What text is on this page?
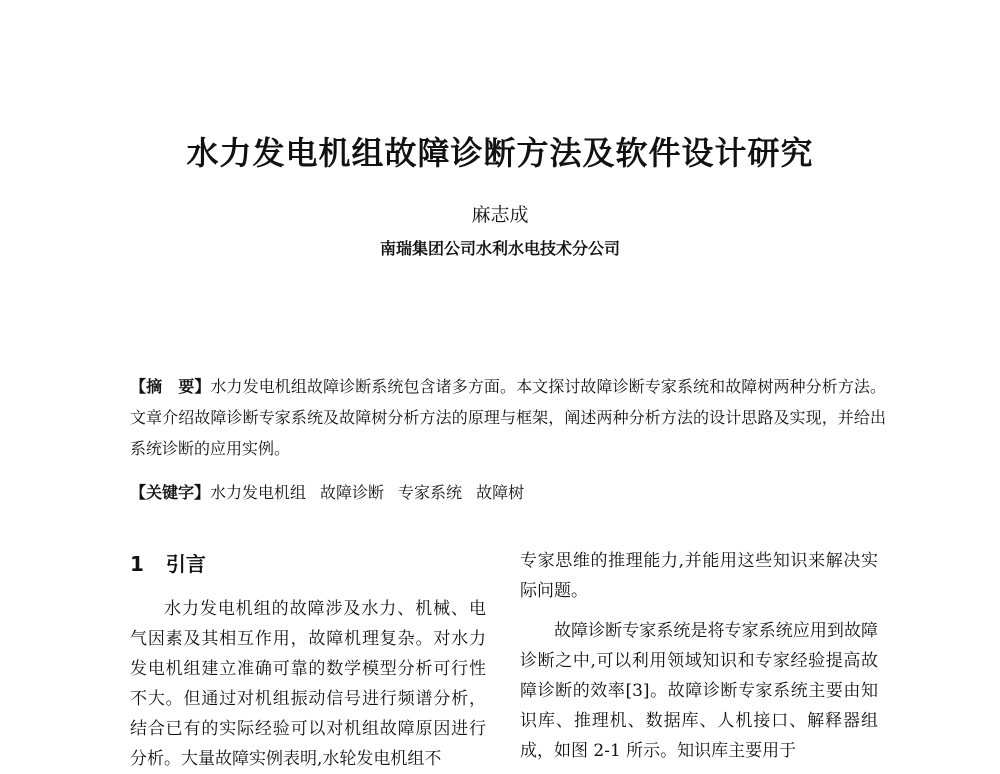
水力发电机组故障诊断方法及软件设计研究
麻志成
南瑞集团公司水利水电技术分公司
【摘　要】水力发电机组故障诊断系统包含诸多方面。本文探讨故障诊断专家系统和故障树两种分析方法。文章介绍故障诊断专家系统及故障树分析方法的原理与框架，阐述两种分析方法的设计思路及实现，并给出系统诊断的应用实例。
【关键字】水力发电机组 故障诊断 专家系统 故障树
1 引言

水力发电机组的故障涉及水力、机械、电气因素及其相互作用，故障机理复杂。对水力发电机组建立准确可靠的数学模型分析可行性不大。但通过对机组振动信号进行频谱分析，结合已有的实际经验可以对机组故障原因进行分析。大量故障实例表明,水轮发电机组不

专家思维的推理能力,并能用这些知识来解决实际问题。

故障诊断专家系统是将专家系统应用到故障诊断之中,可以利用领域知识和专家经验提高故障诊断的效率[3]。故障诊断专家系统主要由知识库、推理机、数据库、人机接口、解释器组成，如图 2-1 所示。知识库主要用于
